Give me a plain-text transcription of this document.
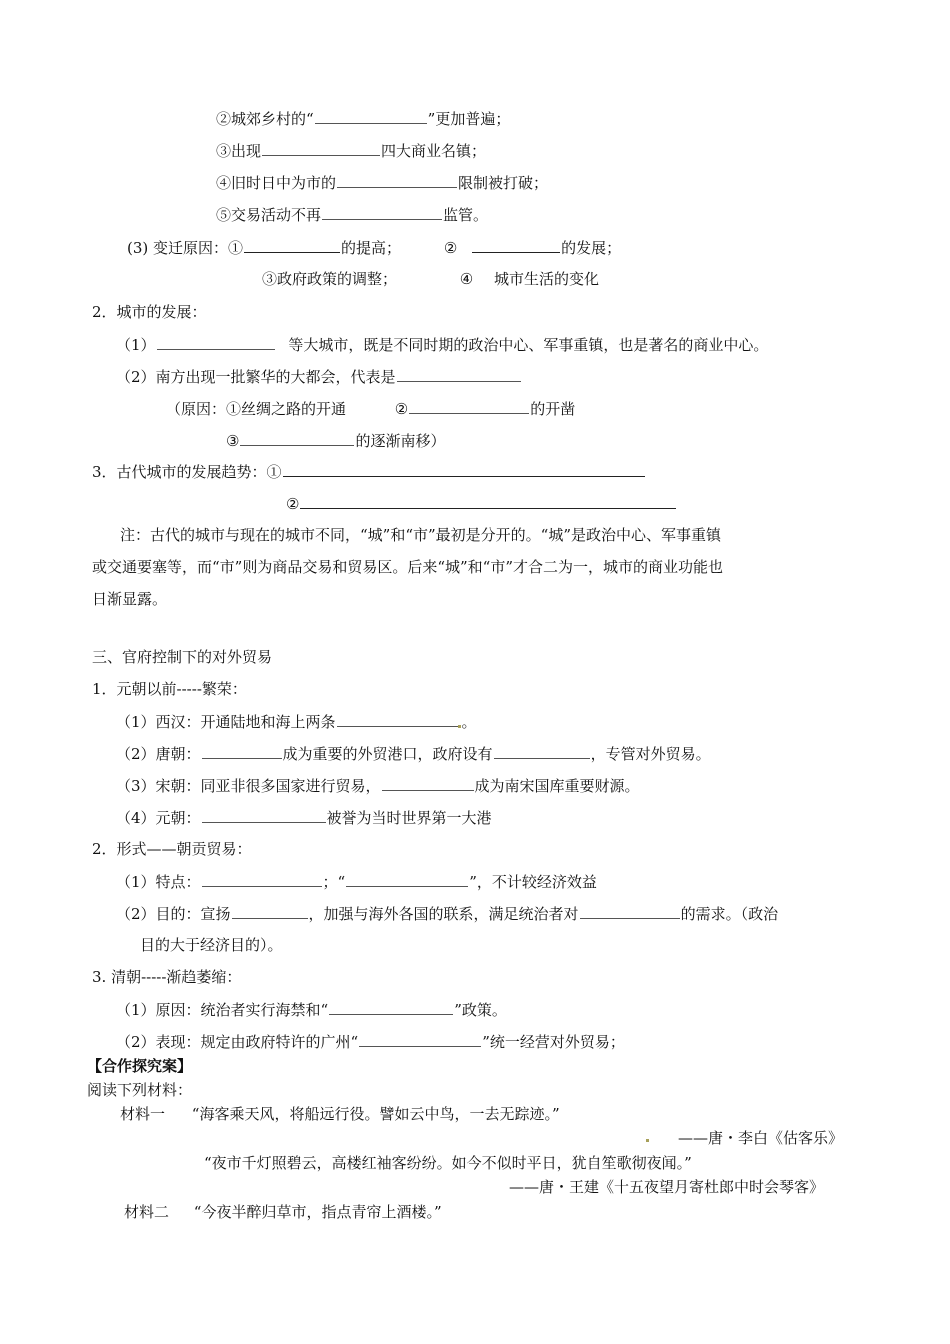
②城郊乡村的“	”更加普遍；
③出现	四大商业名镇；
④旧时日中为市的	限制被打破；
⑤交易活动不再	监管。
(3) 变迁原因：①	的提高；	②	的发展；
③政府政策的调整；	④ 城市生活的变化
2．城市的发展：
（1）	等大城市，既是不同时期的政治中心、军事重镇，也是著名的商业中心。
（2）南方出现一批繁华的大都会，代表是
（原因：①丝绸之路的开通	②	的开凿
③	的逐渐南移）
3．古代城市的发展趋势：①
②
注：古代的城市与现在的城市不同，“城”和“市”最初是分开的。“城”是政治中心、军事重镇
或交通要塞等，而“市”则为商品交易和贸易区。后来“城”和“市”才合二为一，城市的商业功能也
日渐显露。
三、官府控制下的对外贸易
1．元朝以前-----繁荣：
（1）西汉：开通陆地和海上两条	。
（2）唐朝：	成为重要的外贸港口，政府设有	，专管对外贸易。
（3）宋朝：同亚非很多国家进行贸易，	成为南宋国库重要财源。
（4）元朝：	被誉为当时世界第一大港
2．形式——朝贡贸易：
（1）特点：	；“	”，不计较经济效益
（2）目的：宣扬	，加强与海外各国的联系，满足统治者对	的需求。（政治
目的大于经济目的）。
3. 清朝-----渐趋萎缩：
（1）原因：统治者实行海禁和“	”政策。
（2）表现：规定由政府特许的广州“	”统一经营对外贸易；
【合作探究案】
阅读下列材料：
材料一 “海客乘天风，将船远行役。譬如云中鸟，一去无踪迹。”
——唐・李白《估客乐》
“夜市千灯照碧云，高楼红袖客纷纷。如今不似时平日，犹自笙歌彻夜闻。”
——唐・王建《十五夜望月寄杜郎中时会琴客》
材料二 “今夜半醉归草市，指点青帘上酒楼。”
